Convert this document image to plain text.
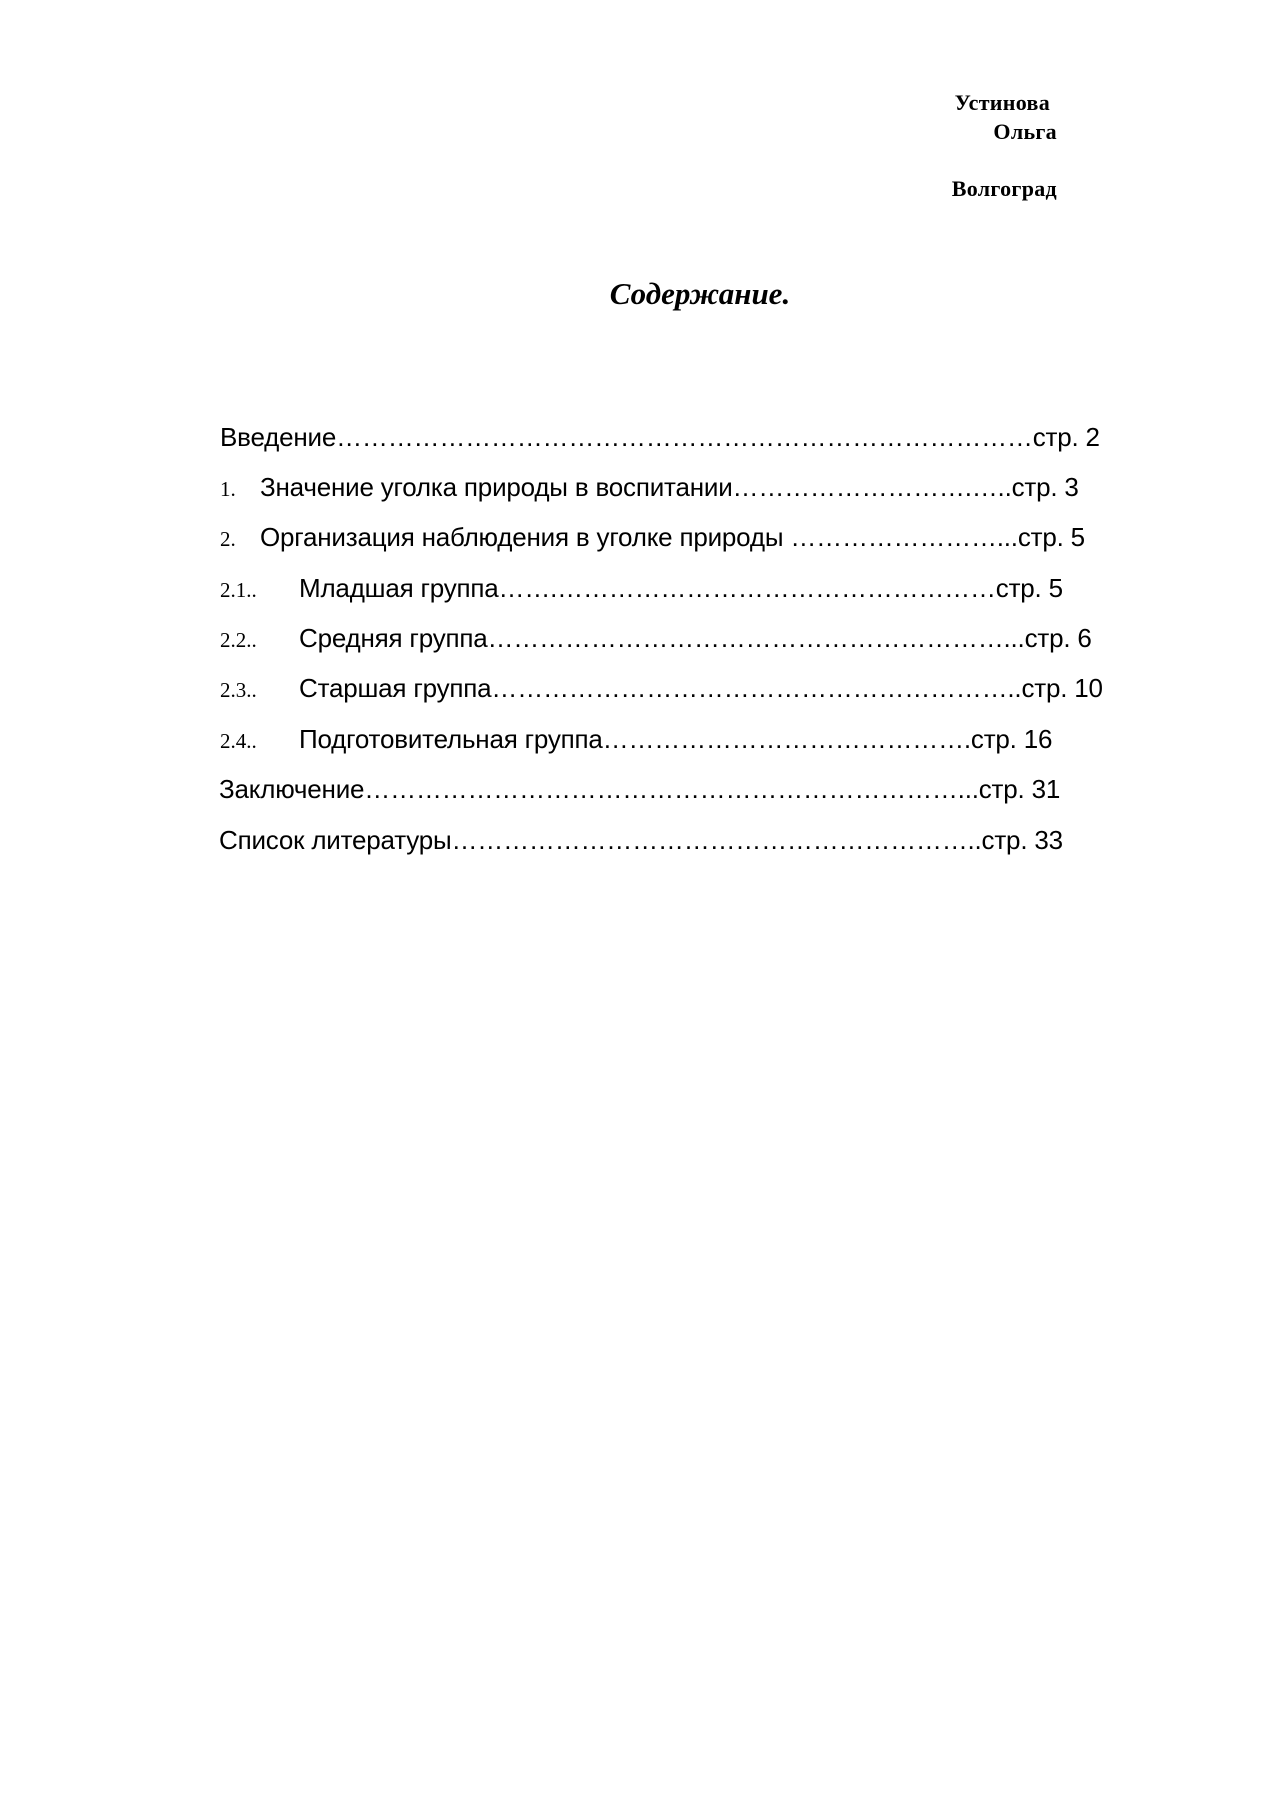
Устинова
Ольга
Волгоград
Содержание.
Введение………………………………………………………………………стр. 2
1. Значение уголка природы в воспитании……………………….…..стр. 3
2. Организация наблюдения в уголке природы ……………………...стр. 5
2.1.. Младшая группа…….……………………………………………стр. 5
2.2.. Средняя группа……………………………………………………...стр. 6
2.3.. Старшая группа……………………………………………………..стр. 10
2.4.. Подготовительная группа…………………………………….стр. 16
Заключение……………………………………………………………...стр. 31
Список литературы……………………………………………………..стр. 33
